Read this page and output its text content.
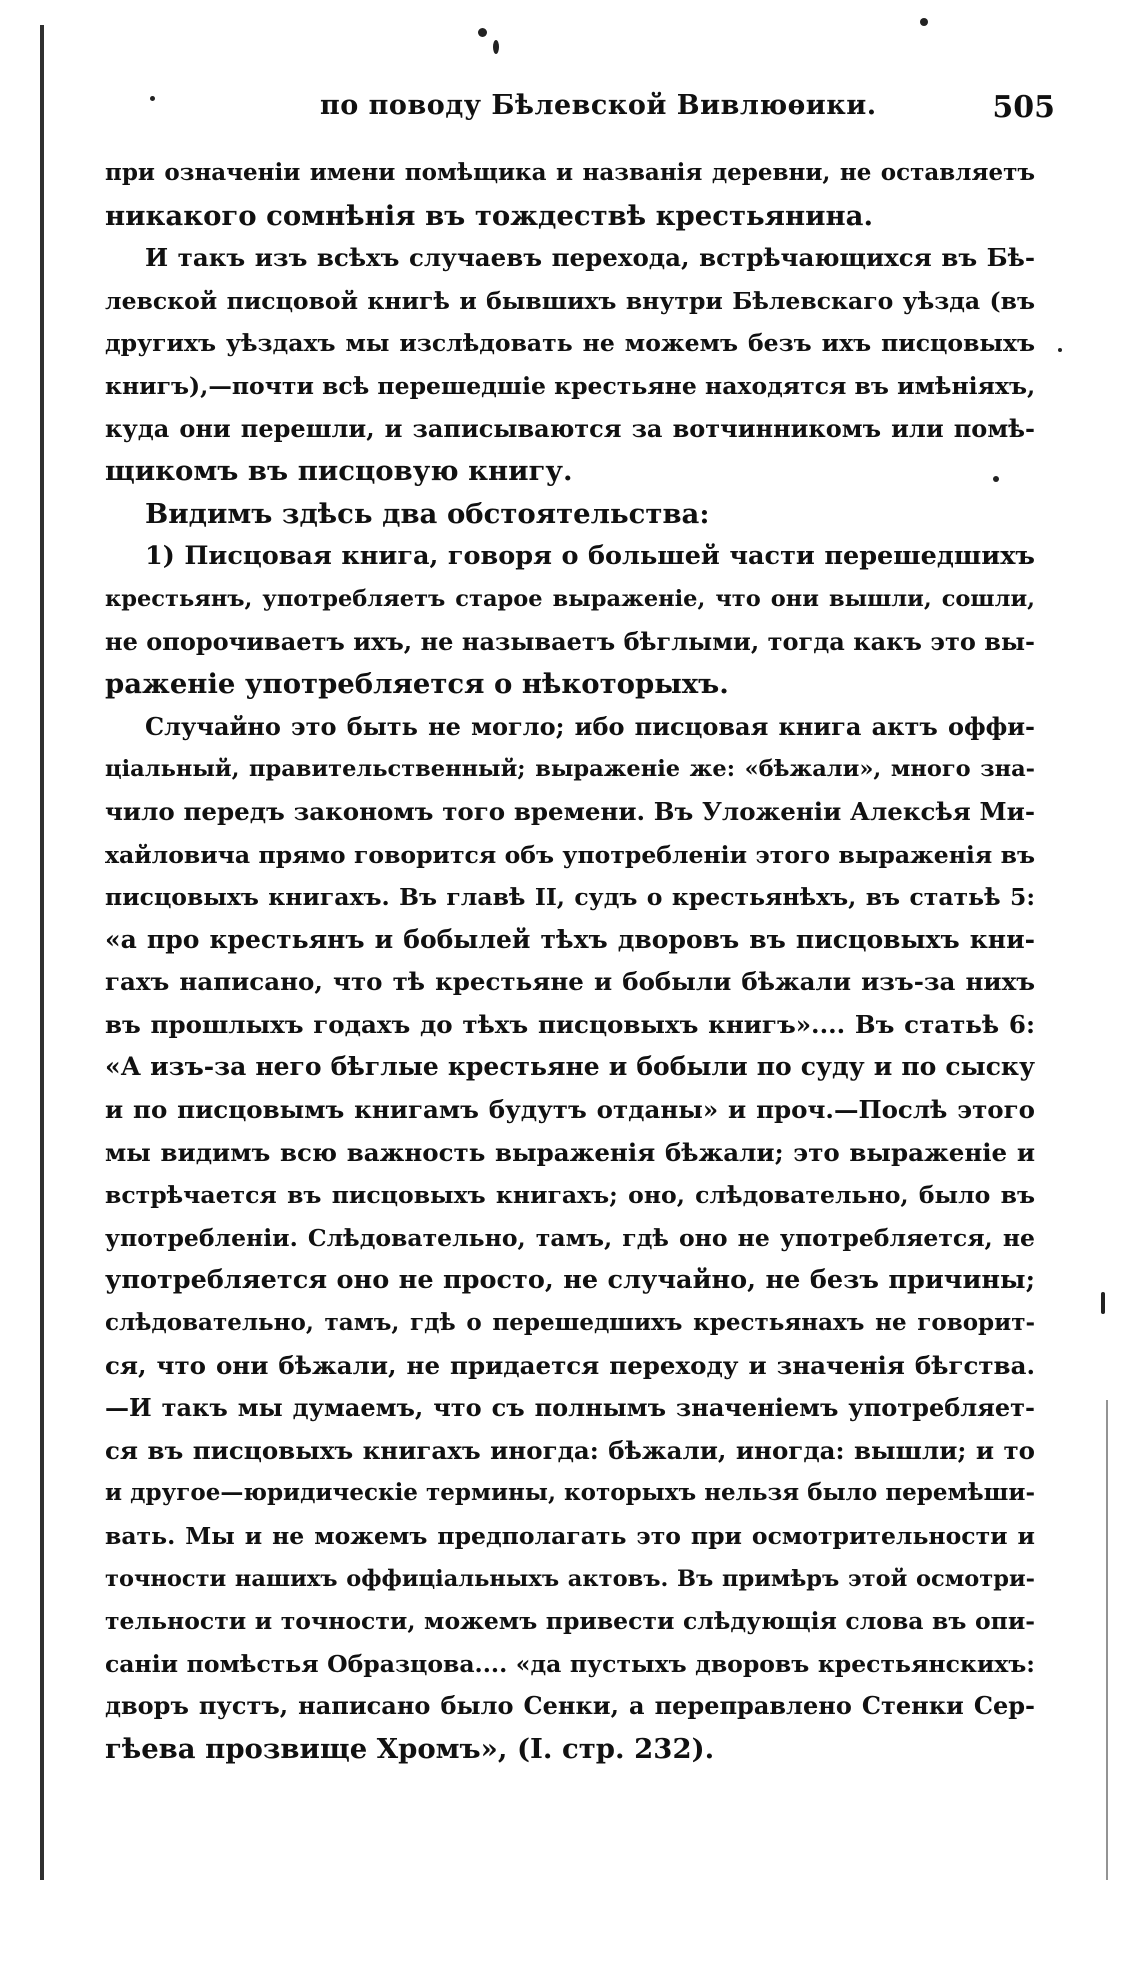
по поводу Бѣлевской Вивлюѳики.	505
при означеніи имени помѣщика и названія деревни, не оставляетъ
никакого сомнѣнія въ тождествѣ крестьянина.
И такъ изъ всѣхъ случаевъ перехода, встрѣчающихся въ Бѣ-
левской писцовой книгѣ и бывшихъ внутри Бѣлевскаго уѣзда (въ
другихъ уѣздахъ мы изслѣдовать не можемъ безъ ихъ писцовыхъ
книгъ),—почти всѣ перешедшіе крестьяне находятся въ имѣніяхъ,
куда они перешли, и записываются за вотчинникомъ или помѣ-
щикомъ въ писцовую книгу.
Видимъ здѣсь два обстоятельства:
1) Писцовая книга, говоря о большей части перешедшихъ
крестьянъ, употребляетъ старое выраженіе, что они вышли, сошли,
не опорочиваетъ ихъ, не называетъ бѣглыми, тогда какъ это вы-
раженіе употребляется о нѣкоторыхъ.
Случайно это быть не могло; ибо писцовая книга актъ оффи-
ціальный, правительственный; выраженіе же: «бѣжали», много зна-
чило передъ закономъ того времени. Въ Уложеніи Алексѣя Ми-
хайловича прямо говорится объ употребленіи этого выраженія въ
писцовыхъ книгахъ. Въ главѣ II, судъ о крестьянѣхъ, въ статьѣ 5:
«а про крестьянъ и бобылей тѣхъ дворовъ въ писцовыхъ кни-
гахъ написано, что тѣ крестьяне и бобыли бѣжали изъ-за нихъ
въ прошлыхъ годахъ до тѣхъ писцовыхъ книгъ».... Въ статьѣ 6:
«А изъ-за него бѣглые крестьяне и бобыли по суду и по сыску
и по писцовымъ книгамъ будутъ отданы» и проч.—Послѣ этого
мы видимъ всю важность выраженія бѣжали; это выраженіе и
встрѣчается въ писцовыхъ книгахъ; оно, слѣдовательно, было въ
употребленіи. Слѣдовательно, тамъ, гдѣ оно не употребляется, не
употребляется оно не просто, не случайно, не безъ причины;
слѣдовательно, тамъ, гдѣ о перешедшихъ крестьянахъ не говорит-
ся, что они бѣжали, не придается переходу и значенія бѣгства.
—И такъ мы думаемъ, что съ полнымъ значеніемъ употребляет-
ся въ писцовыхъ книгахъ иногда: бѣжали, иногда: вышли; и то
и другое—юридическіе термины, которыхъ нельзя было перемѣши-
вать. Мы и не можемъ предполагать это при осмотрительности и
точности нашихъ оффиціальныхъ актовъ. Въ примѣръ этой осмотри-
тельности и точности, можемъ привести слѣдующія слова въ опи-
саніи помѣстья Образцова.... «да пустыхъ дворовъ крестьянскихъ:
дворъ пустъ, написано было Сенки, а переправлено Стенки Сер-
гѣева прозвище Хромъ», (I. стр. 232).
